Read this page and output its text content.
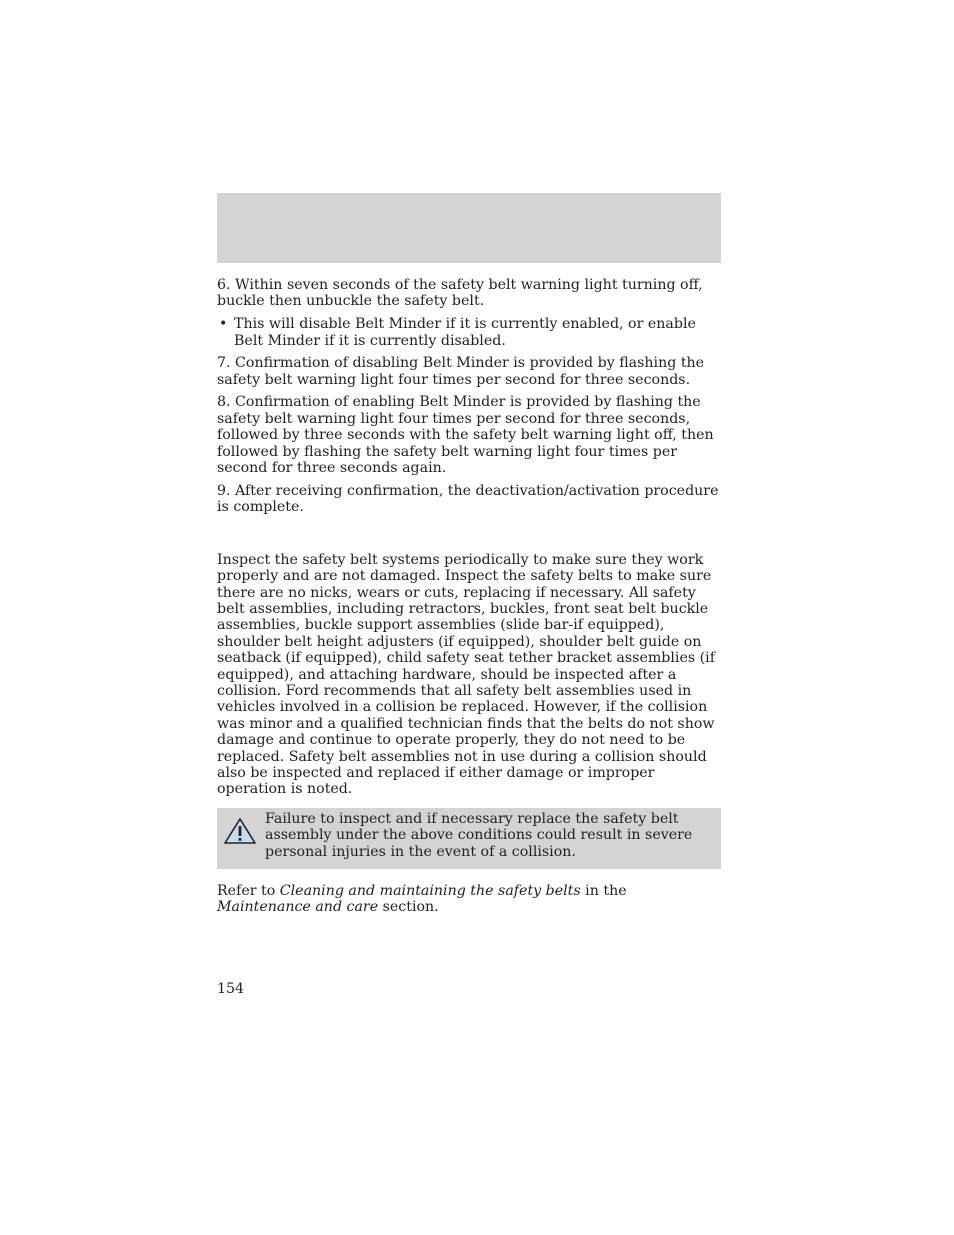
6. Within seven seconds of the safety belt warning light turning off, buckle then unbuckle the safety belt.

• This will disable Belt Minder if it is currently enabled, or enable Belt Minder if it is currently disabled.

7. Confirmation of disabling Belt Minder is provided by flashing the safety belt warning light four times per second for three seconds.

8. Confirmation of enabling Belt Minder is provided by flashing the safety belt warning light four times per second for three seconds, followed by three seconds with the safety belt warning light off, then followed by flashing the safety belt warning light four times per second for three seconds again.

9. After receiving confirmation, the deactivation/activation procedure is complete.

Inspect the safety belt systems periodically to make sure they work properly and are not damaged. Inspect the safety belts to make sure there are no nicks, wears or cuts, replacing if necessary. All safety belt assemblies, including retractors, buckles, front seat belt buckle assemblies, buckle support assemblies (slide bar-if equipped), shoulder belt height adjusters (if equipped), shoulder belt guide on seatback (if equipped), child safety seat tether bracket assemblies (if equipped), and attaching hardware, should be inspected after a collision. Ford recommends that all safety belt assemblies used in vehicles involved in a collision be replaced. However, if the collision was minor and a qualified technician finds that the belts do not show damage and continue to operate properly, they do not need to be replaced. Safety belt assemblies not in use during a collision should also be inspected and replaced if either damage or improper operation is noted.

Failure to inspect and if necessary replace the safety belt assembly under the above conditions could result in severe personal injuries in the event of a collision.

Refer to Cleaning and maintaining the safety belts in the
Maintenance and care section.

154
